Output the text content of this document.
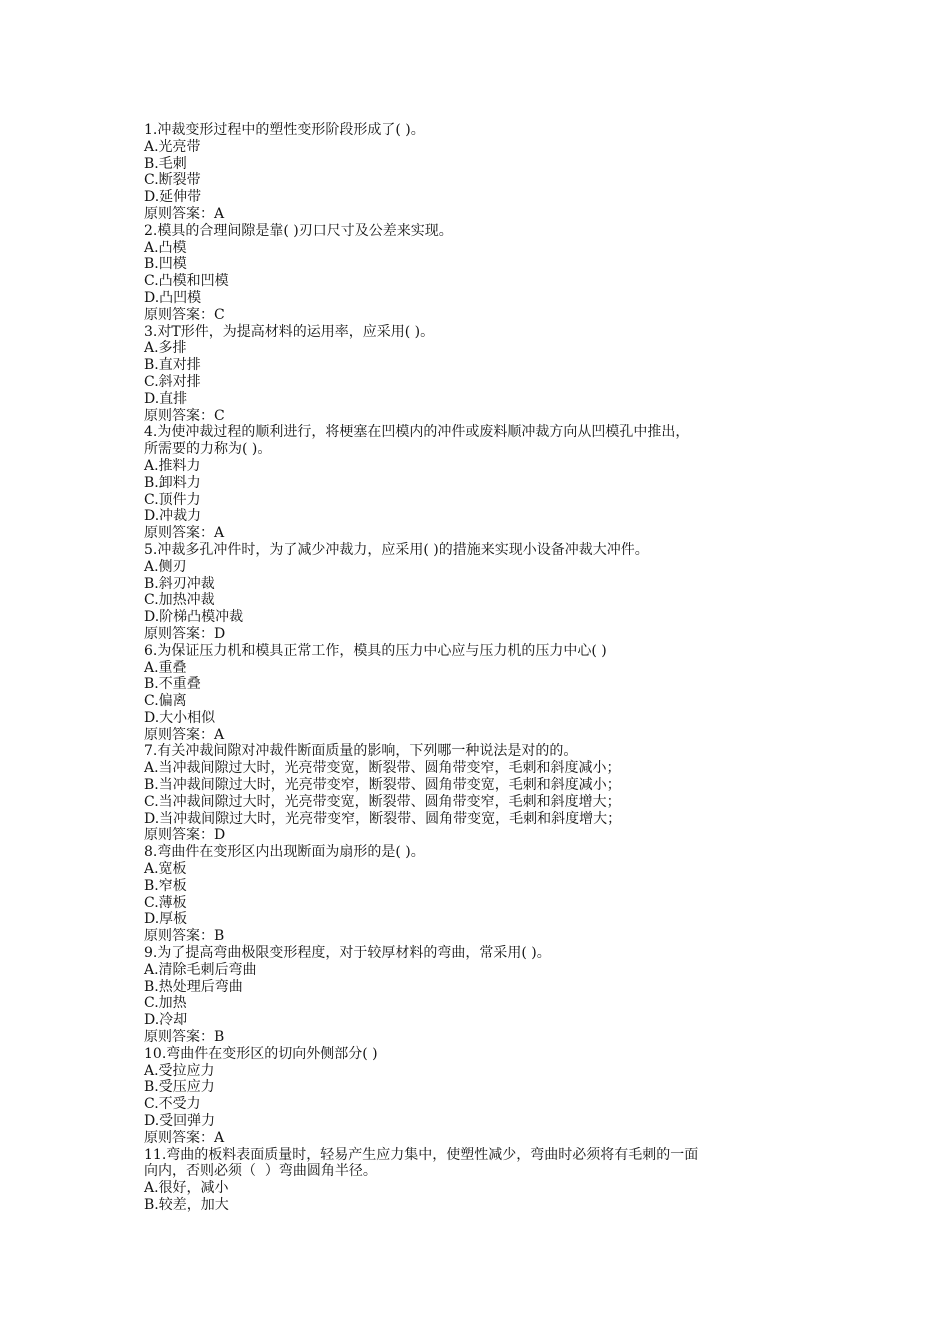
1.冲裁变形过程中的塑性变形阶段形成了( )。
A.光亮带
B.毛刺
C.断裂带
D.延伸带
原则答案：A
2.模具的合理间隙是靠( )刃口尺寸及公差来实现。
A.凸模
B.凹模
C.凸模和凹模
D.凸凹模
原则答案：C
3.对T形件，为提高材料的运用率，应采用( )。
A.多排
B.直对排
C.斜对排
D.直排
原则答案：C
4.为使冲裁过程的顺利进行，将梗塞在凹模内的冲件或废料顺冲裁方向从凹模孔中推出，
所需要的力称为( )。
A.推料力
B.卸料力
C.顶件力
D.冲裁力
原则答案：A
5.冲裁多孔冲件时，为了减少冲裁力，应采用( )的措施来实现小设备冲裁大冲件。
A.侧刃
B.斜刃冲裁
C.加热冲裁
D.阶梯凸模冲裁
原则答案：D
6.为保证压力机和模具正常工作，模具的压力中心应与压力机的压力中心( )
A.重叠
B.不重叠
C.偏离
D.大小相似
原则答案：A
7.有关冲裁间隙对冲裁件断面质量的影响，下列哪一种说法是对的的。
A.当冲裁间隙过大时，光亮带变宽，断裂带、圆角带变窄，毛刺和斜度减小；
B.当冲裁间隙过大时，光亮带变窄，断裂带、圆角带变宽，毛刺和斜度减小；
C.当冲裁间隙过大时，光亮带变宽，断裂带、圆角带变窄，毛刺和斜度增大；
D.当冲裁间隙过大时，光亮带变窄，断裂带、圆角带变宽，毛刺和斜度增大；
原则答案：D
8.弯曲件在变形区内出现断面为扇形的是( )。
A.宽板
B.窄板
C.薄板
D.厚板
原则答案：B
9.为了提高弯曲极限变形程度，对于较厚材料的弯曲，常采用( )。
A.清除毛刺后弯曲
B.热处理后弯曲
C.加热
D.冷却
原则答案：B
10.弯曲件在变形区的切向外侧部分( )
A.受拉应力
B.受压应力
C.不受力
D.受回弹力
原则答案：A
11.弯曲的板料表面质量时，轻易产生应力集中，使塑性减少，弯曲时必须将有毛刺的一面
向内，否则必须（  ）弯曲圆角半径。
A.很好，减小
B.较差，加大
